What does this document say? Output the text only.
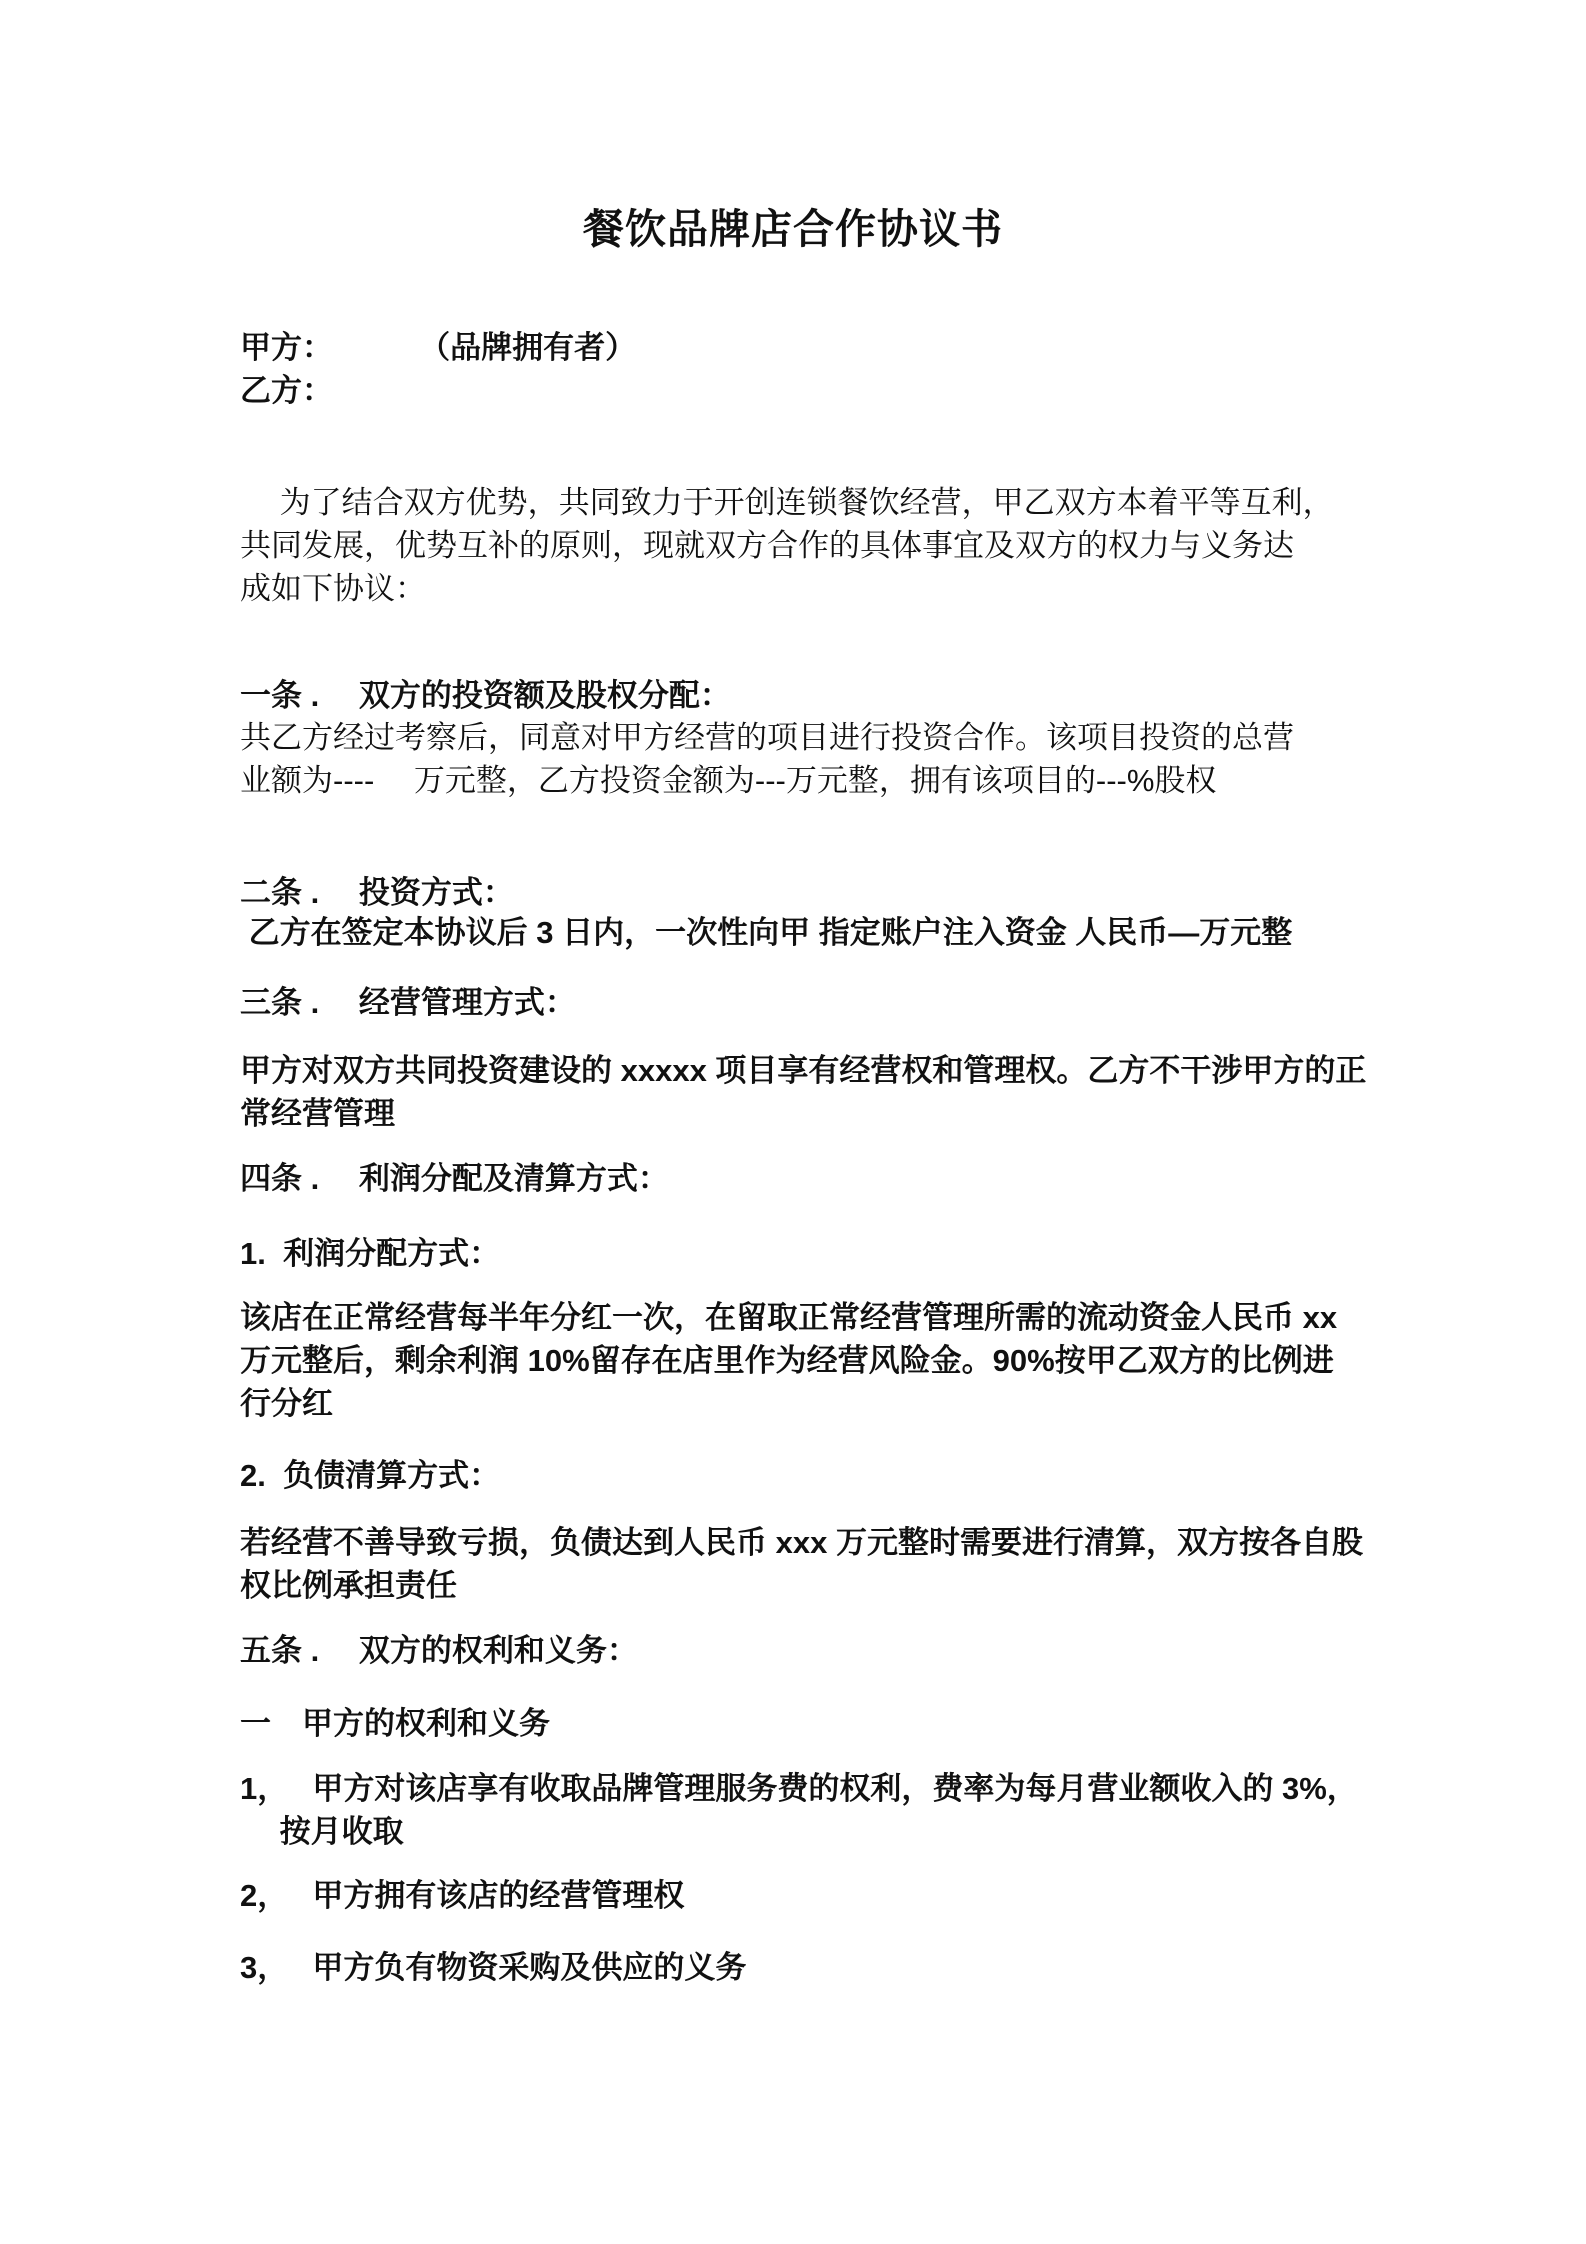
餐饮品牌店合作协议书
甲方：　　　 （品牌拥有者）
乙方：
　 为了结合双方优势，共同致力于开创连锁餐饮经营，甲乙双方本着平等互利，
共同发展，优势互补的原则，现就双方合作的具体事宜及双方的权力与义务达
成如下协议：
一条 .　 双方的投资额及股权分配：
共乙方经过考察后，同意对甲方经营的项目进行投资合作。该项目投资的总营
业额为----　 万元整，乙方投资金额为---万元整，拥有该项目的---%股权
二条 .　 投资方式：
乙方在签定本协议后 3 日内，一次性向甲 指定账户注入资金 人民币—万元整
三条 .　 经营管理方式：
甲方对双方共同投资建设的 xxxxx 项目享有经营权和管理权。乙方不干涉甲方的正
常经营管理
四条 .　 利润分配及清算方式：
1.  利润分配方式：
该店在正常经营每半年分红一次，在留取正常经营管理所需的流动资金人民币 xx
万元整后，剩余利润 10%留存在店里作为经营风险金。90%按甲乙双方的比例进
行分红
2.  负债清算方式：
若经营不善导致亏损，负债达到人民币 xxx 万元整时需要进行清算，双方按各自股
权比例承担责任
五条 .　 双方的权利和义务：
一　甲方的权利和义务
1，　 甲方对该店享有收取品牌管理服务费的权利，费率为每月营业额收入的 3%，
　 按月收取
2，　 甲方拥有该店的经营管理权
3，　 甲方负有物资采购及供应的义务
